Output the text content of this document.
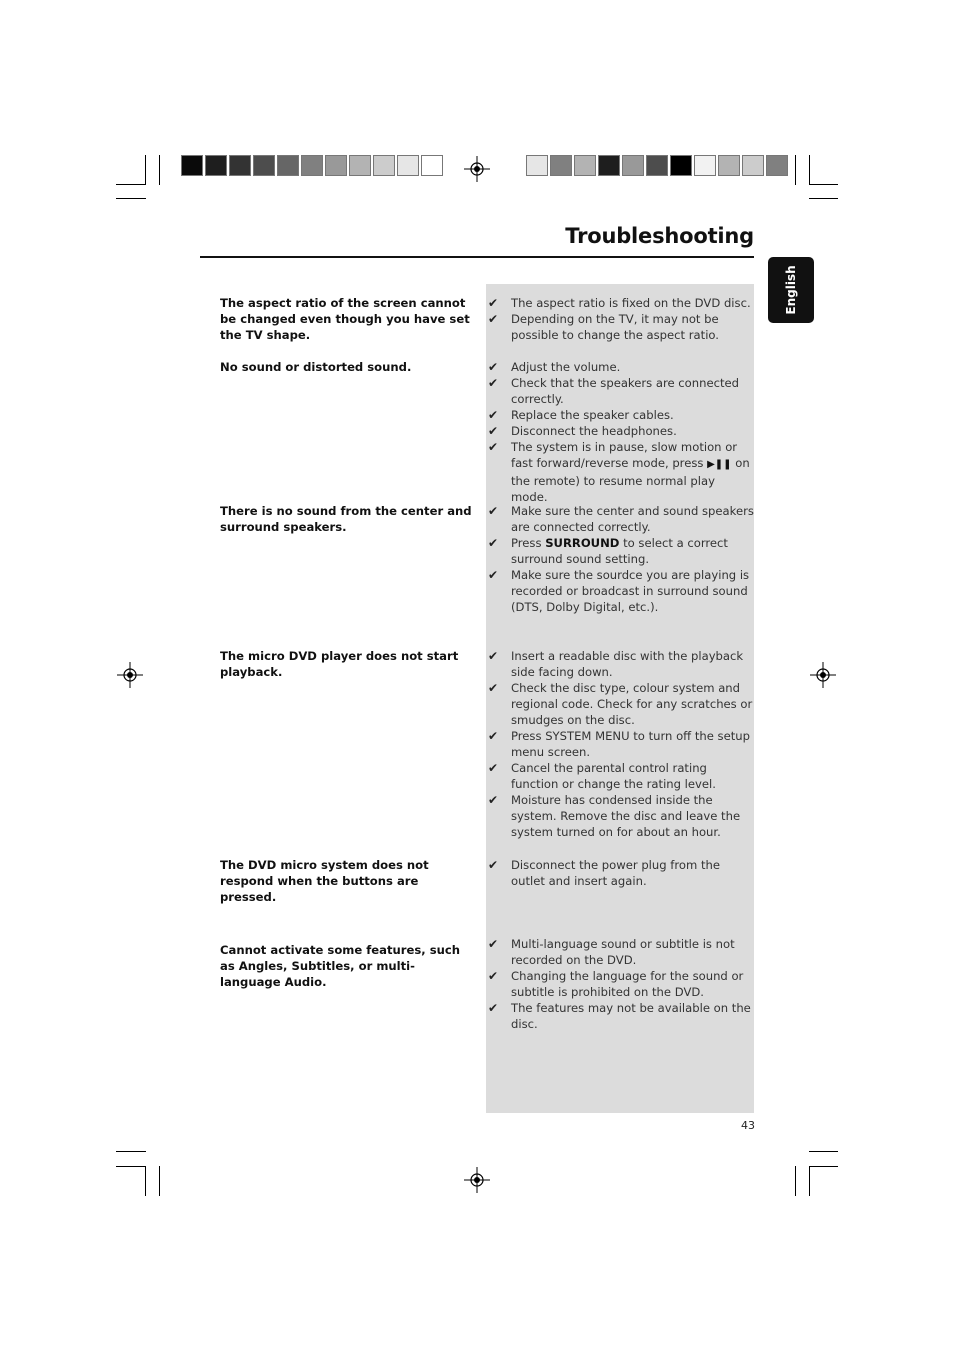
Troubleshooting
English
The aspect ratio of the screen cannot be changed even though you have set the TV shape.
✔	The aspect ratio is fixed on the DVD disc.
✔	Depending on the TV, it may not be possible to change the aspect ratio.
No sound or distorted sound.	✔	Adjust the volume.
✔	Check that the speakers are connected correctly.
✔	Replace the speaker cables.
✔	Disconnect the headphones.
✔	The system is in pause, slow motion or fast forward/reverse mode, press ▶❚❚ on the remote) to resume normal play mode.
There is no sound from the center and surround speakers.
✔	Make sure the center and sound speakers are connected correctly.
✔	Press SURROUND to select a correct surround sound setting.
✔	Make sure the sourdce you are playing is recorded or broadcast in surround sound (DTS, Dolby Digital, etc.).
The micro DVD player does not start playback.
✔	Insert a readable disc with the playback side facing down.
✔	Check the disc type, colour system and regional code. Check for any scratches or smudges on the disc.
✔	Press SYSTEM MENU to turn off the setup menu screen.
✔	Cancel the parental control rating function or change the rating level.
✔	Moisture has condensed inside the system. Remove the disc and leave the system turned on for about an hour.
The DVD micro system does not respond when the buttons are pressed.
✔	Disconnect the power plug from the outlet and insert again.
Cannot activate some features, such as Angles, Subtitles, or multi-language Audio.
✔	Multi-language sound or subtitle is not recorded on the DVD.
✔	Changing the language for the sound or subtitle is prohibited on the DVD.
✔	The features may not be available on the disc.
43
